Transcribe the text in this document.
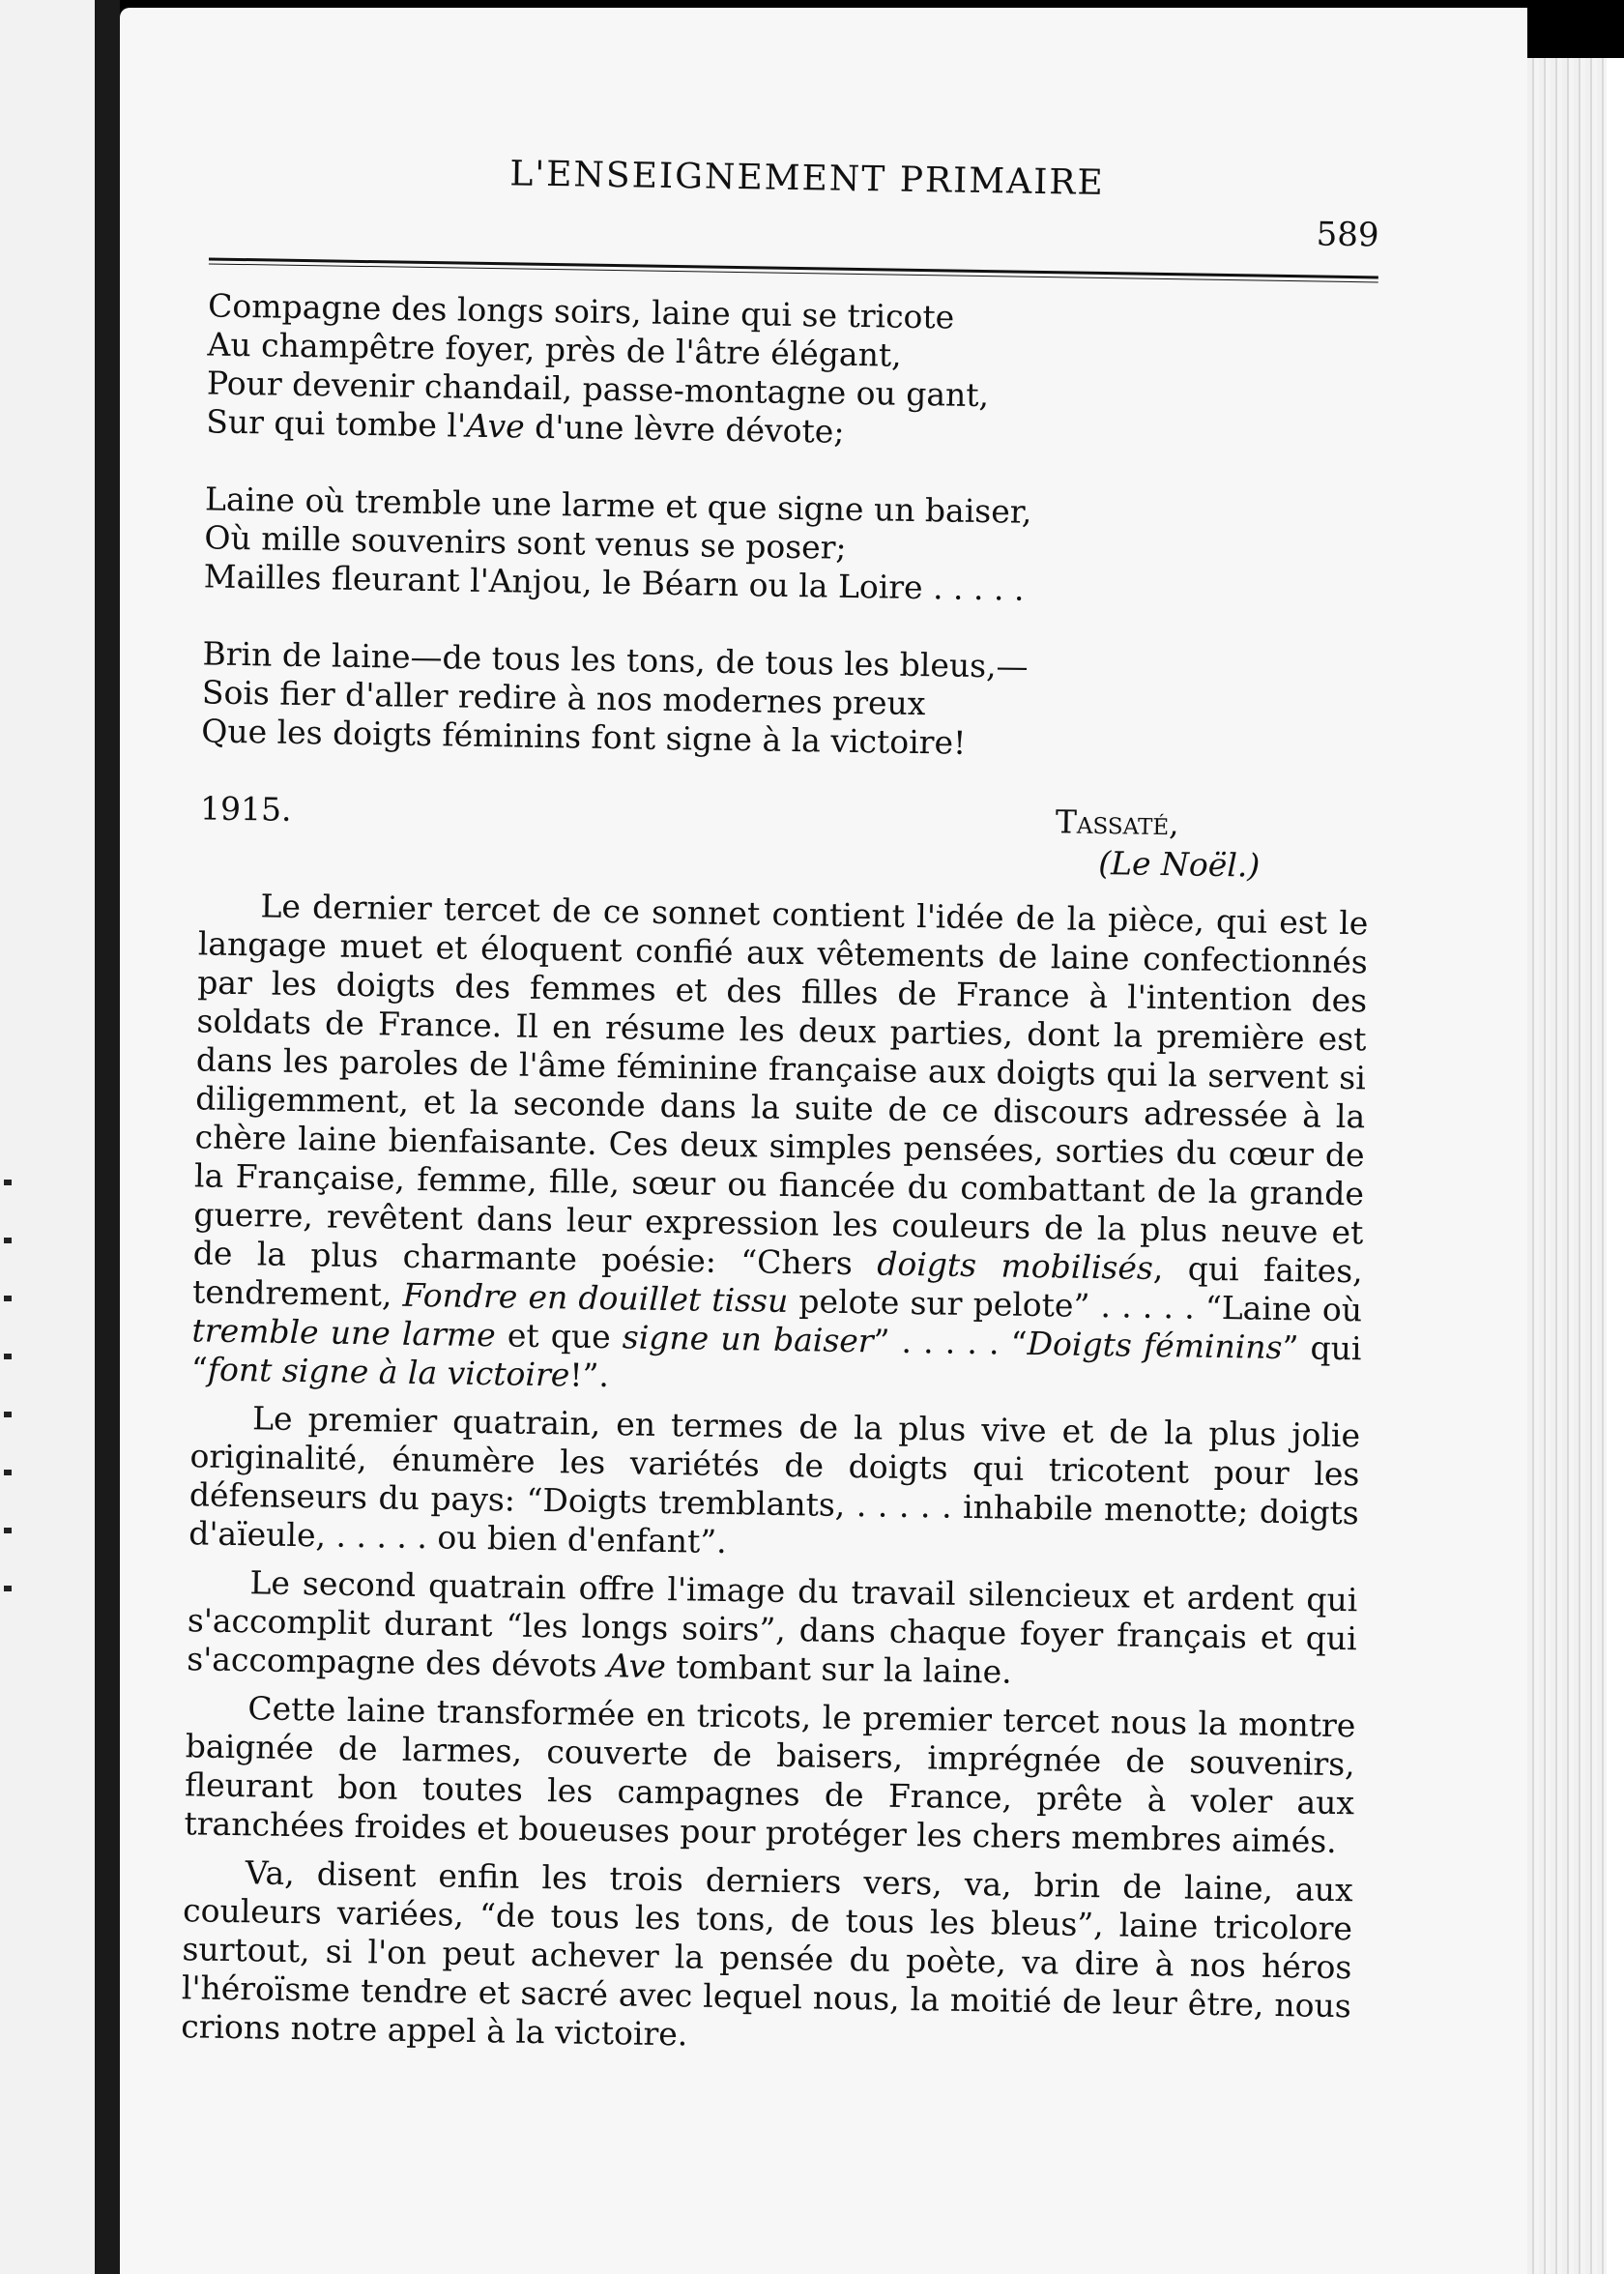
L'ENSEIGNEMENT PRIMAIRE
589
Compagne des longs soirs, laine qui se tricote
Au champêtre foyer, près de l'âtre élégant,
Pour devenir chandail, passe-montagne ou gant,
Sur qui tombe l'Ave d'une lèvre dévote;
Laine où tremble une larme et que signe un baiser,
Où mille souvenirs sont venus se poser;
Mailles fleurant l'Anjou, le Béarn ou la Loire . . . . .
Brin de laine—de tous les tons, de tous les bleus,—
Sois fier d'aller redire à nos modernes preux
Que les doigts féminins font signe à la victoire!
1915.	Tassaté,
(Le Noël.)

Le dernier tercet de ce sonnet contient l'idée de la pièce, qui est le langage muet et éloquent confié aux vêtements de laine confectionnés par les doigts des femmes et des filles de France à l'intention des soldats de France. Il en résume les deux parties, dont la première est dans les paroles de l'âme féminine française aux doigts qui la servent si diligemment, et la seconde dans la suite de ce discours adressée à la chère laine bienfaisante. Ces deux simples pensées, sorties du cœur de la Française, femme, fille, sœur ou fiancée du combattant de la grande guerre, revêtent dans leur expression les couleurs de la plus neuve et de la plus charmante poésie: “Chers doigts mobilisés, qui faites, tendrement, Fondre en douillet tissu pelote sur pelote” . . . . . “Laine où tremble une larme et que signe un baiser” . . . . . “Doigts féminins” qui “font signe à la victoire!”.

Le premier quatrain, en termes de la plus vive et de la plus jolie originalité, énumère les variétés de doigts qui tricotent pour les défenseurs du pays: “Doigts tremblants, . . . . . inhabile menotte; doigts d'aïeule, . . . . . ou bien d'enfant”.

Le second quatrain offre l'image du travail silencieux et ardent qui s'accomplit durant “les longs soirs”, dans chaque foyer français et qui s'accompagne des dévots Ave tombant sur la laine.

Cette laine transformée en tricots, le premier tercet nous la montre baignée de larmes, couverte de baisers, imprégnée de souvenirs, fleurant bon toutes les campagnes de France, prête à voler aux tranchées froides et boueuses pour protéger les chers membres aimés.

Va, disent enfin les trois derniers vers, va, brin de laine, aux couleurs variées, “de tous les tons, de tous les bleus”, laine tricolore surtout, si l'on peut achever la pensée du poète, va dire à nos héros l'héroïsme tendre et sacré avec lequel nous, la moitié de leur être, nous crions notre appel à la victoire.
